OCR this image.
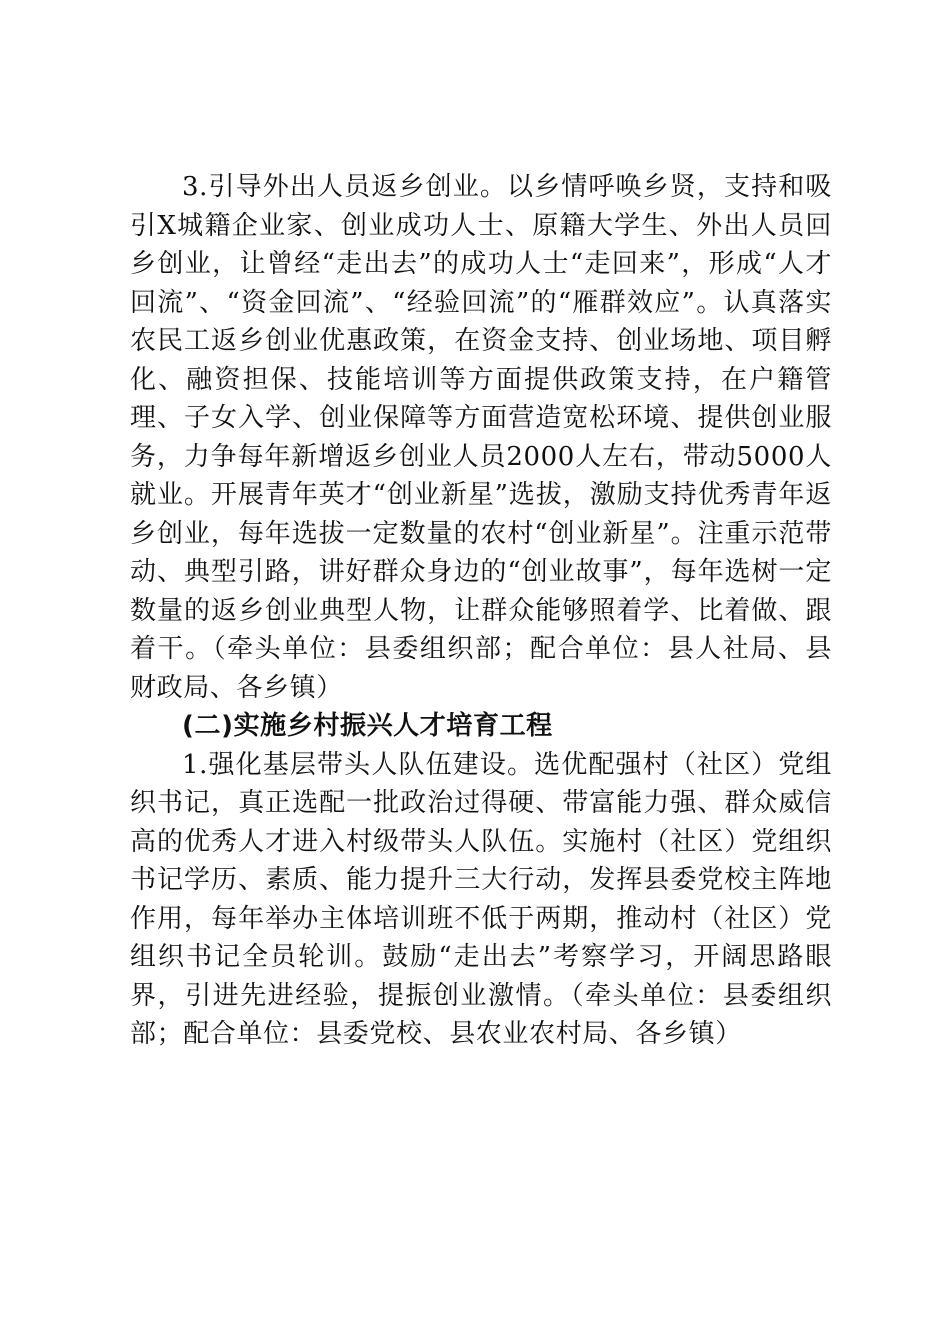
3.引导外出人员返乡创业。以乡情呼唤乡贤，支持和吸引X城籍企业家、创业成功人士、原籍大学生、外出人员回乡创业，让曾经“走出去”的成功人士“走回来”，形成“人才回流”、“资金回流”、“经验回流”的“雁群效应”。认真落实农民工返乡创业优惠政策，在资金支持、创业场地、项目孵化、融资担保、技能培训等方面提供政策支持，在户籍管理、子女入学、创业保障等方面营造宽松环境、提供创业服务，力争每年新增返乡创业人员2000人左右，带动5000人就业。开展青年英才“创业新星”选拔，激励支持优秀青年返乡创业，每年选拔一定数量的农村“创业新星”。注重示范带动、典型引路，讲好群众身边的“创业故事”，每年选树一定数量的返乡创业典型人物，让群众能够照着学、比着做、跟着干。（牵头单位：县委组织部；配合单位：县人社局、县财政局、各乡镇）

(二)实施乡村振兴人才培育工程

1.强化基层带头人队伍建设。选优配强村（社区）党组织书记，真正选配一批政治过得硬、带富能力强、群众威信高的优秀人才进入村级带头人队伍。实施村（社区）党组织书记学历、素质、能力提升三大行动，发挥县委党校主阵地作用，每年举办主体培训班不低于两期，推动村（社区）党组织书记全员轮训。鼓励“走出去”考察学习，开阔思路眼界，引进先进经验，提振创业激情。（牵头单位：县委组织部；配合单位：县委党校、县农业农村局、各乡镇）
